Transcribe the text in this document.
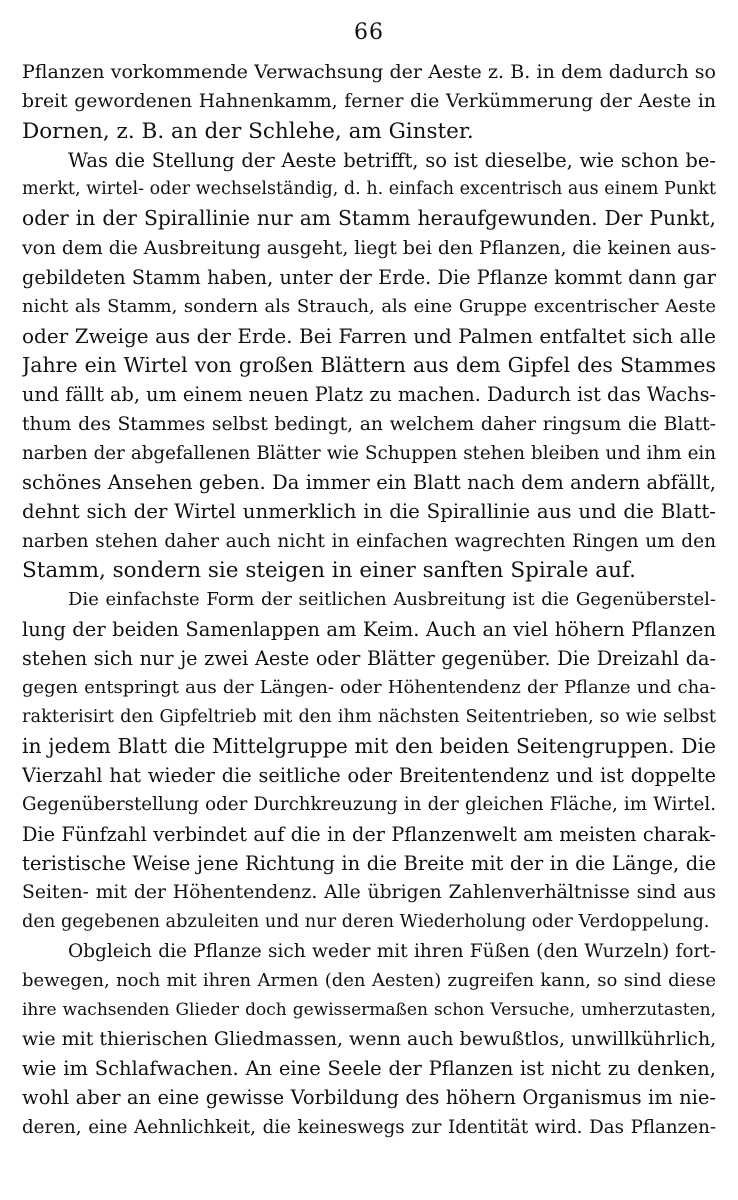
66
Pflanzen vorkommende Verwachsung der Aeste z. B. in dem dadurch so
breit gewordenen Hahnenkamm, ferner die Verkümmerung der Aeste in
Dornen, z. B. an der Schlehe, am Ginster.
Was die Stellung der Aeste betrifft, so ist dieselbe, wie schon be-
merkt, wirtel- oder wechselständig, d. h. einfach excentrisch aus einem Punkt
oder in der Spirallinie nur am Stamm heraufgewunden. Der Punkt,
von dem die Ausbreitung ausgeht, liegt bei den Pflanzen, die keinen aus-
gebildeten Stamm haben, unter der Erde. Die Pflanze kommt dann gar
nicht als Stamm, sondern als Strauch, als eine Gruppe excentrischer Aeste
oder Zweige aus der Erde. Bei Farren und Palmen entfaltet sich alle
Jahre ein Wirtel von großen Blättern aus dem Gipfel des Stammes
und fällt ab, um einem neuen Platz zu machen. Dadurch ist das Wachs-
thum des Stammes selbst bedingt, an welchem daher ringsum die Blatt-
narben der abgefallenen Blätter wie Schuppen stehen bleiben und ihm ein
schönes Ansehen geben. Da immer ein Blatt nach dem andern abfällt,
dehnt sich der Wirtel unmerklich in die Spirallinie aus und die Blatt-
narben stehen daher auch nicht in einfachen wagrechten Ringen um den
Stamm, sondern sie steigen in einer sanften Spirale auf.
Die einfachste Form der seitlichen Ausbreitung ist die Gegenüberstel-
lung der beiden Samenlappen am Keim. Auch an viel höhern Pflanzen
stehen sich nur je zwei Aeste oder Blätter gegenüber. Die Dreizahl da-
gegen entspringt aus der Längen- oder Höhentendenz der Pflanze und cha-
rakterisirt den Gipfeltrieb mit den ihm nächsten Seitentrieben, so wie selbst
in jedem Blatt die Mittelgruppe mit den beiden Seitengruppen. Die
Vierzahl hat wieder die seitliche oder Breitentendenz und ist doppelte
Gegenüberstellung oder Durchkreuzung in der gleichen Fläche, im Wirtel.
Die Fünfzahl verbindet auf die in der Pflanzenwelt am meisten charak-
teristische Weise jene Richtung in die Breite mit der in die Länge, die
Seiten- mit der Höhentendenz. Alle übrigen Zahlenverhältnisse sind aus
den gegebenen abzuleiten und nur deren Wiederholung oder Verdoppelung.
Obgleich die Pflanze sich weder mit ihren Füßen (den Wurzeln) fort-
bewegen, noch mit ihren Armen (den Aesten) zugreifen kann, so sind diese
ihre wachsenden Glieder doch gewissermaßen schon Versuche, umherzutasten,
wie mit thierischen Gliedmassen, wenn auch bewußtlos, unwillkührlich,
wie im Schlafwachen. An eine Seele der Pflanzen ist nicht zu denken,
wohl aber an eine gewisse Vorbildung des höhern Organismus im nie-
deren, eine Aehnlichkeit, die keineswegs zur Identität wird. Das Pflanzen-
